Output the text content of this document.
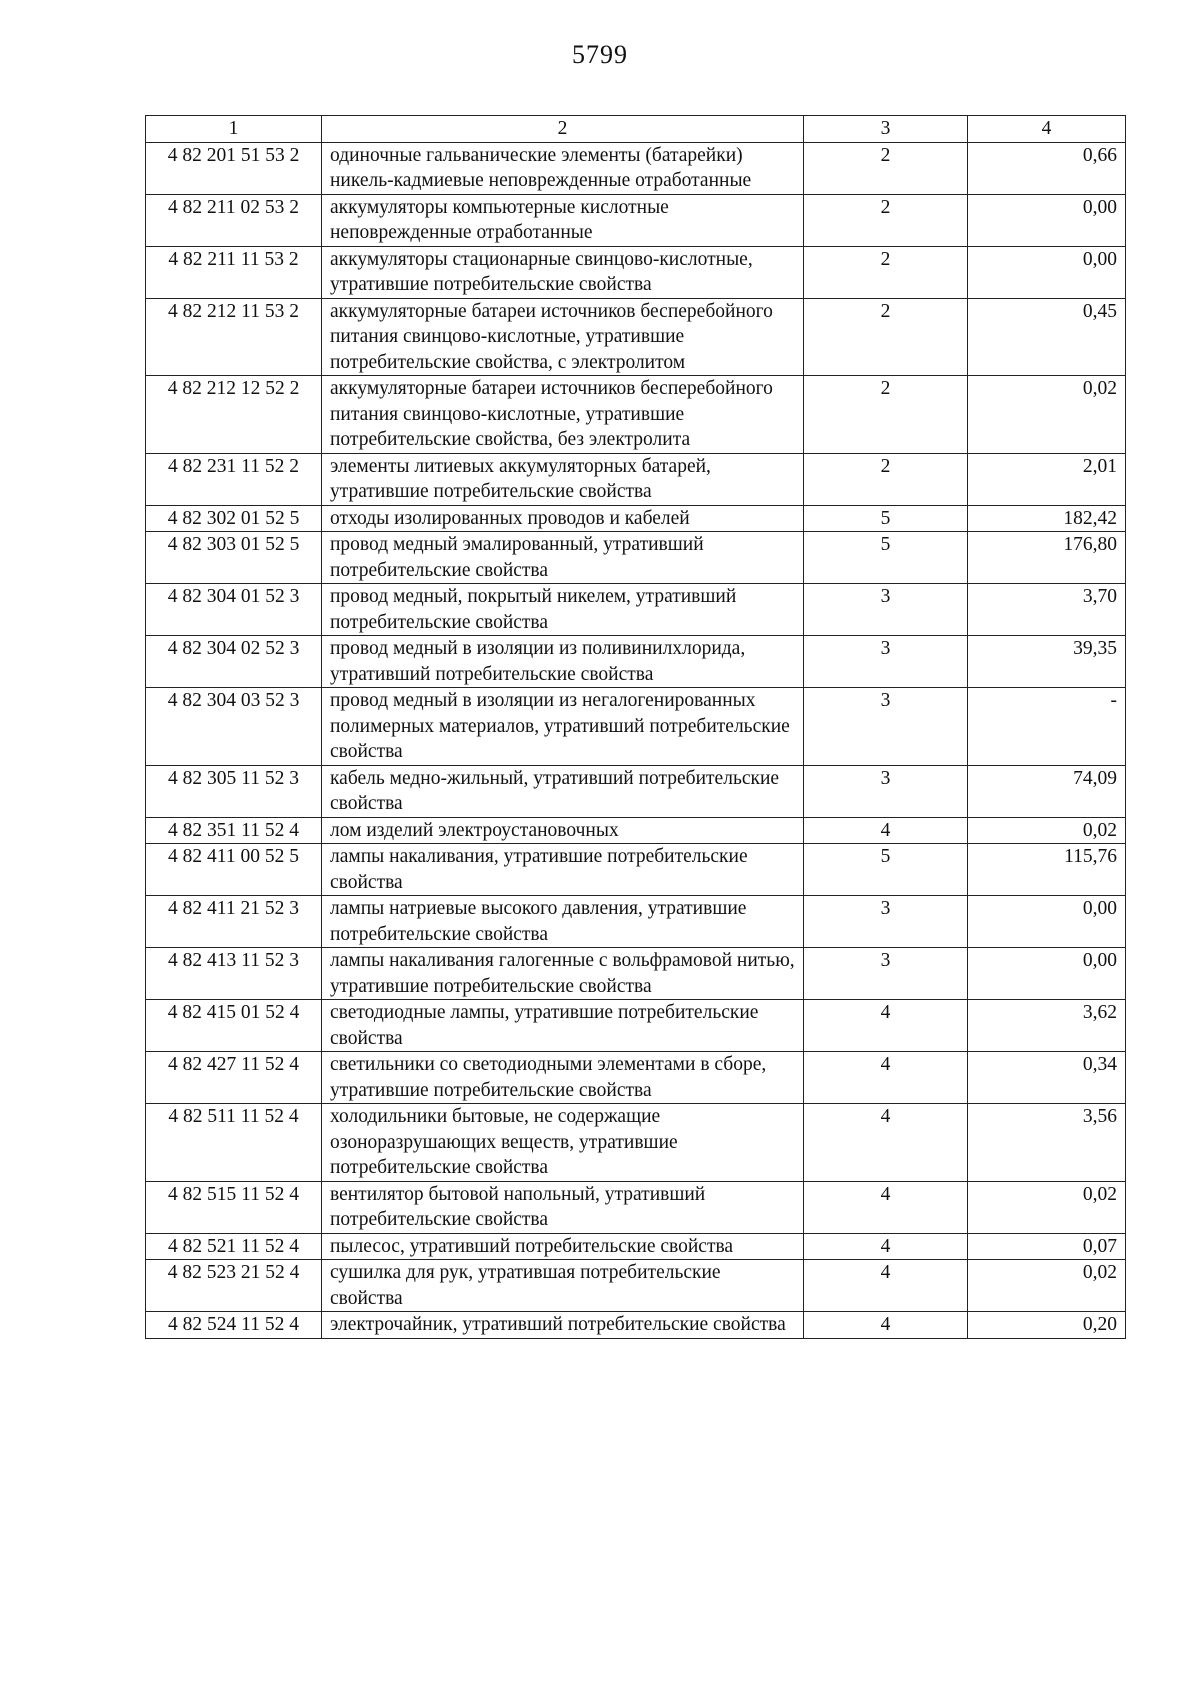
5799
1	2	3	4
4 82 201 51 53 2	одиночные гальванические элементы (батарейки) никель-кадмиевые неповрежденные отработанные	2	0,66
4 82 211 02 53 2	аккумуляторы компьютерные кислотные неповрежденные отработанные	2	0,00
4 82 211 11 53 2	аккумуляторы стационарные свинцово-кислотные, утратившие потребительские свойства	2	0,00
4 82 212 11 53 2	аккумуляторные батареи источников бесперебойного питания свинцово-кислотные, утратившие потребительские свойства, с электролитом	2	0,45
4 82 212 12 52 2	аккумуляторные батареи источников бесперебойного питания свинцово-кислотные, утратившие потребительские свойства, без электролита	2	0,02
4 82 231 11 52 2	элементы литиевых аккумуляторных батарей, утратившие потребительские свойства	2	2,01
4 82 302 01 52 5	отходы изолированных проводов и кабелей	5	182,42
4 82 303 01 52 5	провод медный эмалированный, утративший потребительские свойства	5	176,80
4 82 304 01 52 3	провод медный, покрытый никелем, утративший потребительские свойства	3	3,70
4 82 304 02 52 3	провод медный в изоляции из поливинилхлорида, утративший потребительские свойства	3	39,35
4 82 304 03 52 3	провод медный в изоляции из негалогенированных полимерных материалов, утративший потребительские свойства	3	-
4 82 305 11 52 3	кабель медно-жильный, утративший потребительские свойства	3	74,09
4 82 351 11 52 4	лом изделий электроустановочных	4	0,02
4 82 411 00 52 5	лампы накаливания, утратившие потребительские свойства	5	115,76
4 82 411 21 52 3	лампы натриевые высокого давления, утратившие потребительские свойства	3	0,00
4 82 413 11 52 3	лампы накаливания галогенные с вольфрамовой нитью, утратившие потребительские свойства	3	0,00
4 82 415 01 52 4	светодиодные лампы, утратившие потребительские свойства	4	3,62
4 82 427 11 52 4	светильники со светодиодными элементами в сборе, утратившие потребительские свойства	4	0,34
4 82 511 11 52 4	холодильники бытовые, не содержащие озоноразрушающих веществ, утратившие потребительские свойства	4	3,56
4 82 515 11 52 4	вентилятор бытовой напольный, утративший потребительские свойства	4	0,02
4 82 521 11 52 4	пылесос, утративший потребительские свойства	4	0,07
4 82 523 21 52 4	сушилка для рук, утратившая потребительские свойства	4	0,02
4 82 524 11 52 4	электрочайник, утративший потребительские свойства	4	0,20
